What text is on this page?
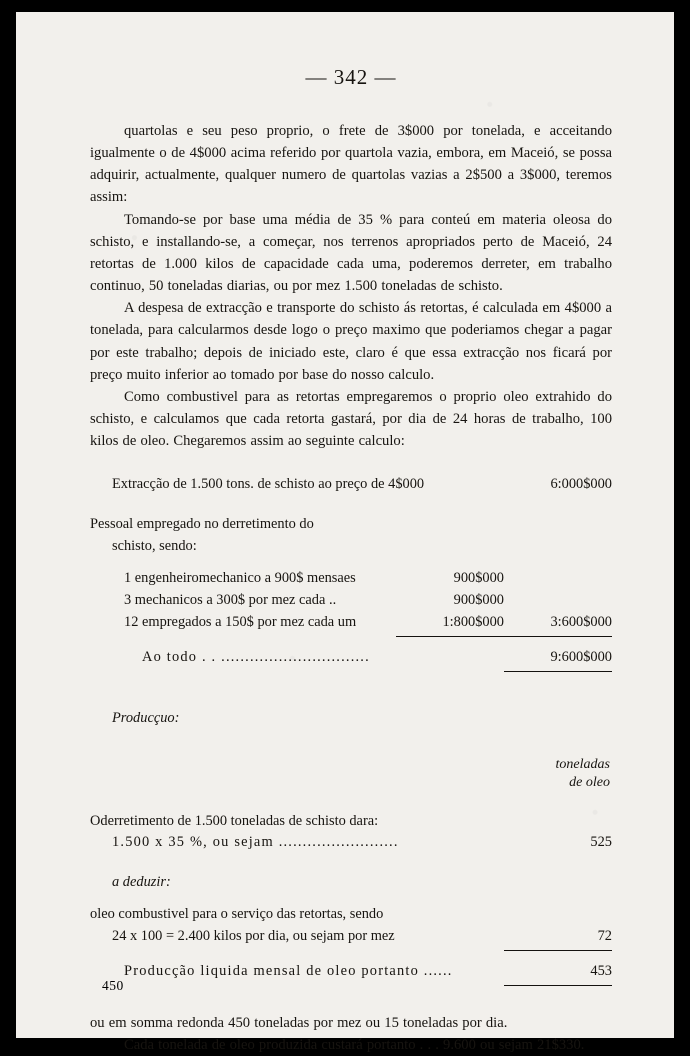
— 342 —

quartolas e seu peso proprio, o frete de 3$000 por tonelada, e acceitando igualmente o de 4$000 acima referido por quartola vazia, embora, em Maceió, se possa adquirir, actualmente, qualquer numero de quartolas vazias a 2$500 a 3$000, teremos assim:

Tomando-se por base uma média de 35 % para conteú em materia oleosa do schisto, e installando-se, a começar, nos terrenos apropriados perto de Maceió, 24 retortas de 1.000 kilos de capacidade cada uma, poderemos derreter, em trabalho continuo, 50 toneladas diarias, ou por mez 1.500 toneladas de schisto.

A despesa de extracção e transporte do schisto ás retortas, é calculada em 4$000 a tonelada, para calcularmos desde logo o preço maximo que poderiamos chegar a pagar por este trabalho; depois de iniciado este, claro é que essa extracção nos ficará por preço muito inferior ao tomado por base do nosso calculo.

Como combustivel para as retortas empregaremos o proprio oleo extrahido do schisto, e calculamos que cada retorta gastará, por dia de 24 horas de trabalho, 100 kilos de oleo. Chegaremos assim ao seguinte calculo:

Extracção de 1.500 tons. de schisto ao preço de 4$000	6:000$000
Pessoal empregado no derretimento do
schisto, sendo:
1 engenheiromechanico a 900$ mensaes	900$000
3 mechanicos a 300$ por mez cada ..	900$000
12 empregados a 150$ por mez cada um	1:800$000	3:600$000
Ao todo . . ...............................	9:600$000
Producçuo:
toneladas
de oleo
Oderretimento de 1.500 toneladas de schisto dara:
1.500 x 35 %, ou sejam .........................	525
a deduzir:
oleo combustivel para o serviço das retortas, sendo
24 x 100 = 2.400 kilos por dia, ou sejam por mez	72
Producção liquida mensal de oleo portanto ......	453

ou em somma redonda 450 toneladas por mez ou 15 toneladas por dia.

Cada tonelada de oleo produzida custará portanto . . . 9.600 ou sejam 21$330.

450
